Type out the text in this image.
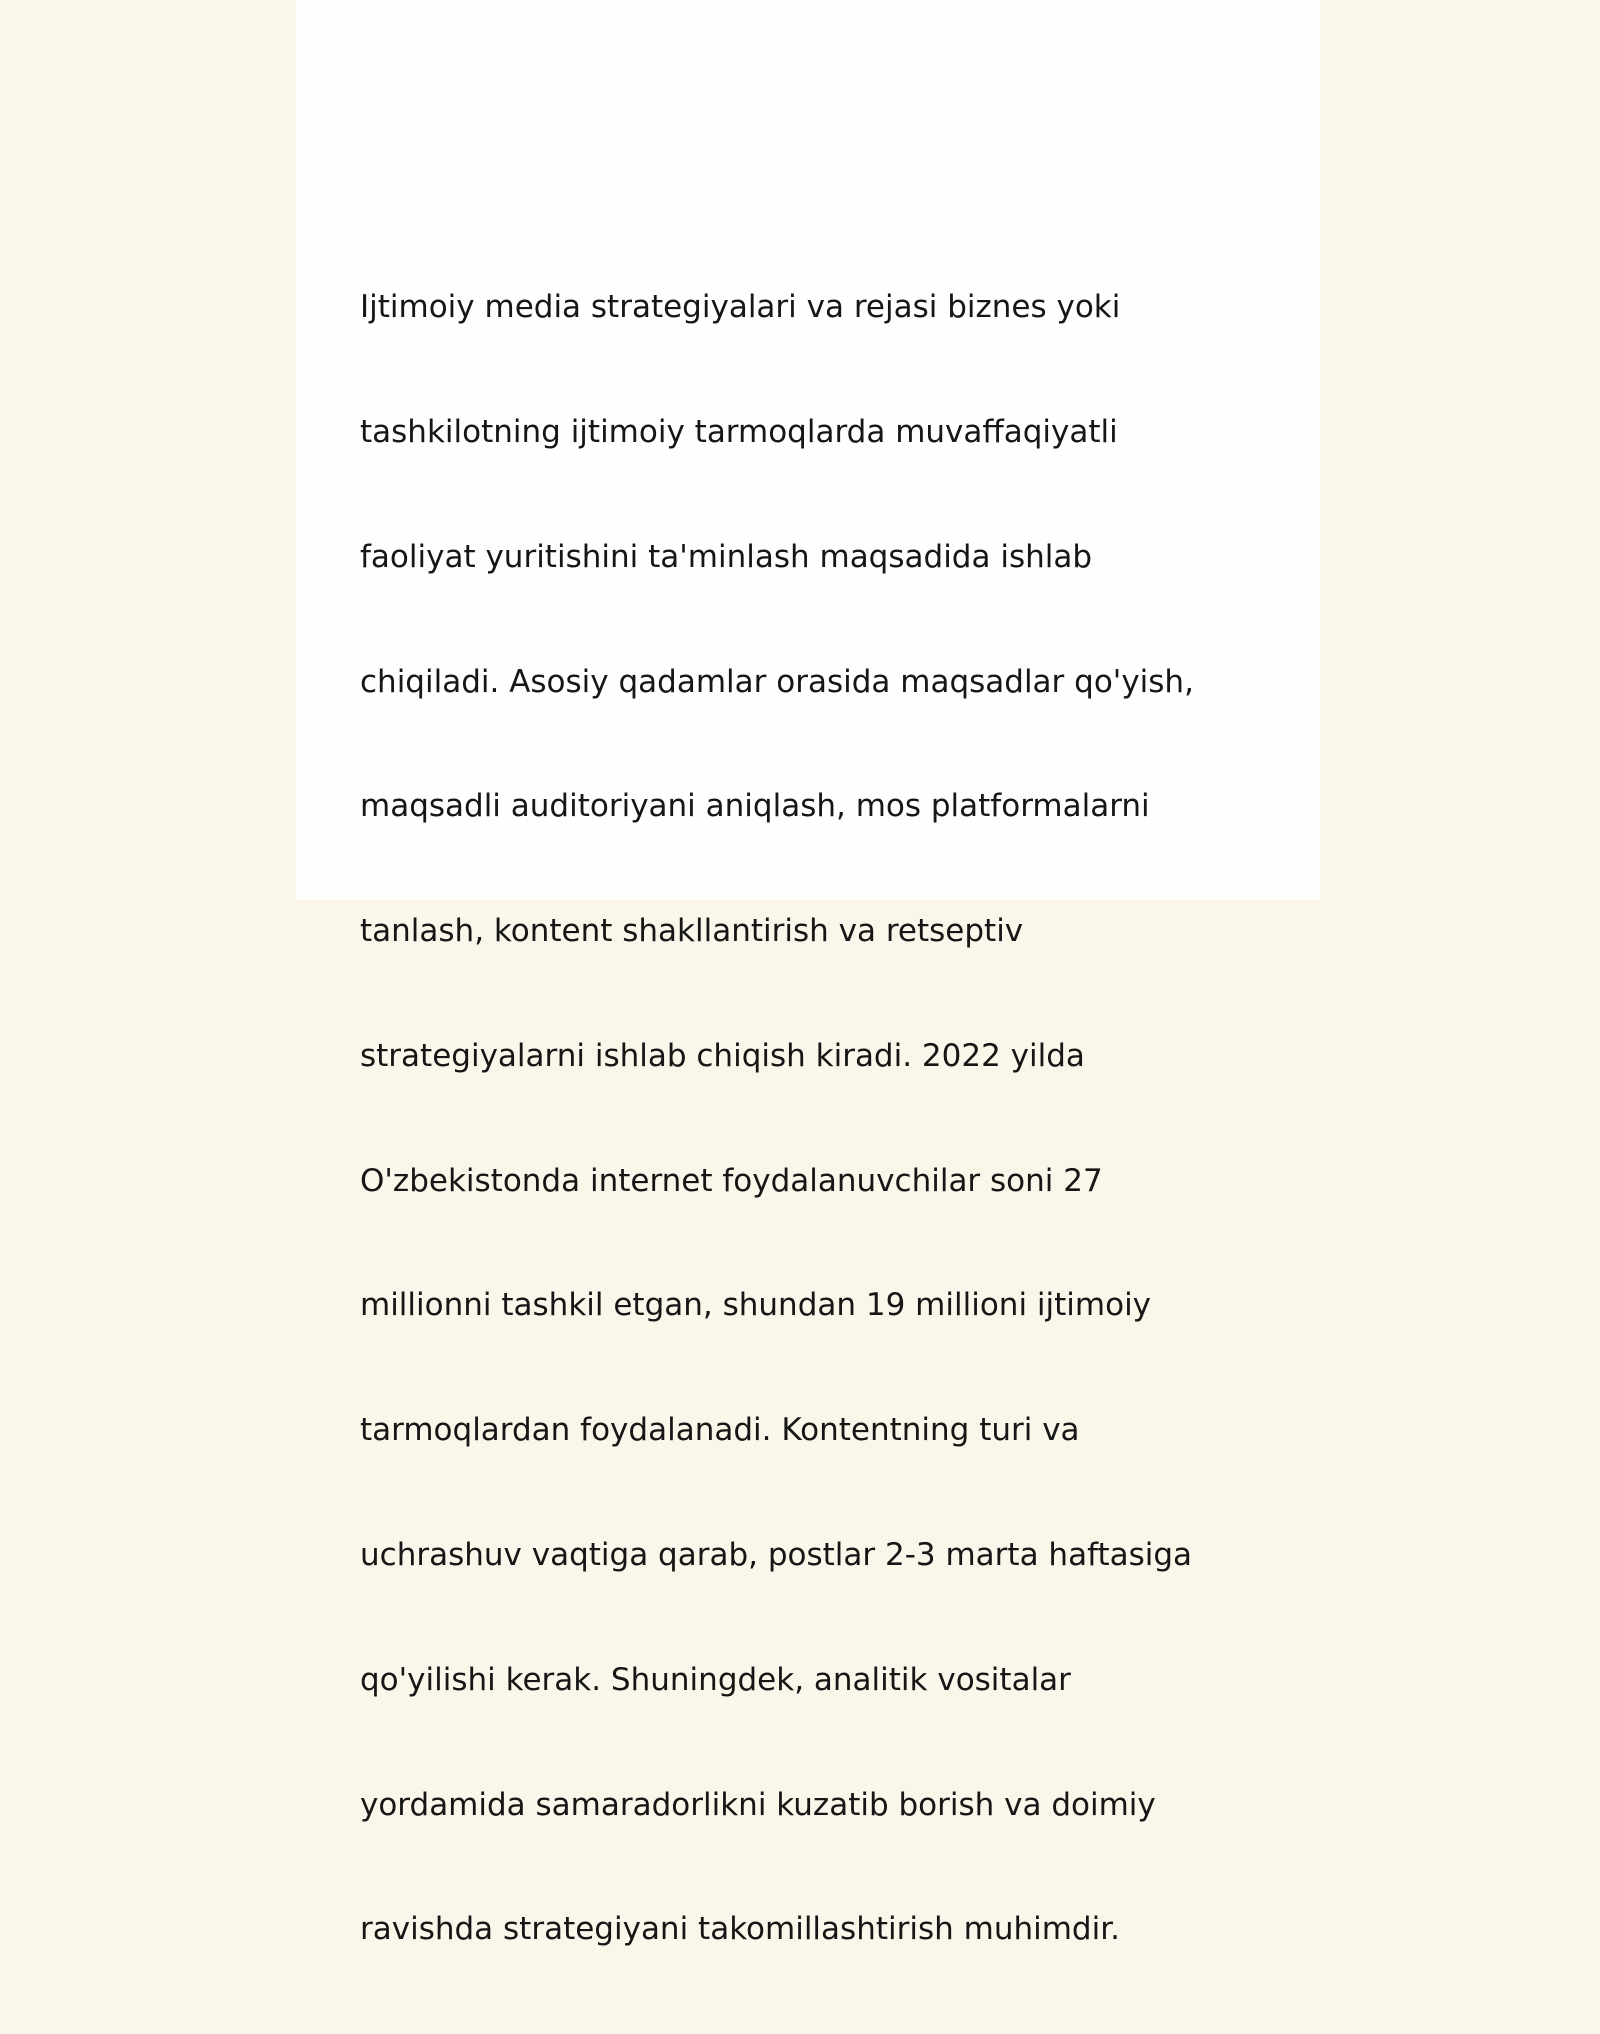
Ijtimoiy media strategiyalari va rejasi biznes yoki

tashkilotning ijtimoiy tarmoqlarda muvaffaqiyatli

faoliyat yuritishini ta'minlash maqsadida ishlab

chiqiladi. Asosiy qadamlar orasida maqsadlar qo'yish,

maqsadli auditoriyani aniqlash, mos platformalarni

tanlash, kontent shakllantirish va retseptiv

strategiyalarni ishlab chiqish kiradi. 2022 yilda

O'zbekistonda internet foydalanuvchilar soni 27

millionni tashkil etgan, shundan 19 millioni ijtimoiy

tarmoqlardan foydalanadi. Kontentning turi va

uchrashuv vaqtiga qarab, postlar 2-3 marta haftasiga

qo'yilishi kerak. Shuningdek, analitik vositalar

yordamida samaradorlikni kuzatib borish va doimiy

ravishda strategiyani takomillashtirish muhimdir.
